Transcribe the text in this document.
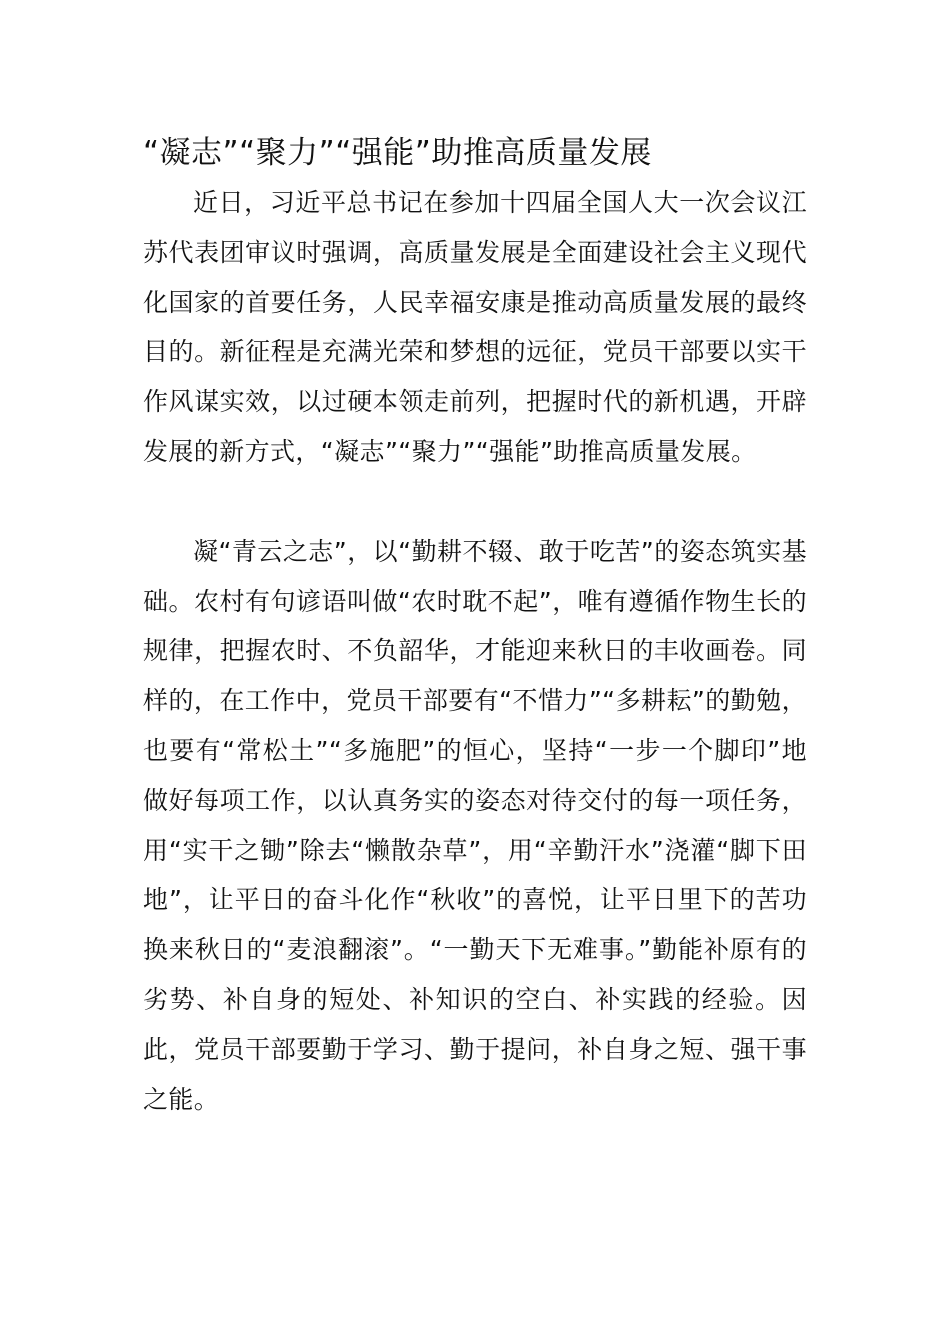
“凝志”“聚力”“强能”助推高质量发展

近日，习近平总书记在参加十四届全国人大一次会议江苏代表团审议时强调，高质量发展是全面建设社会主义现代化国家的首要任务，人民幸福安康是推动高质量发展的最终目的。新征程是充满光荣和梦想的远征，党员干部要以实干作风谋实效，以过硬本领走前列，把握时代的新机遇，开辟发展的新方式，“凝志”“聚力”“强能”助推高质量发展。

凝“青云之志”，以“勤耕不辍、敢于吃苦”的姿态筑实基础。农村有句谚语叫做“农时耽不起”，唯有遵循作物生长的规律，把握农时、不负韶华，才能迎来秋日的丰收画卷。同样的，在工作中，党员干部要有“不惜力”“多耕耘”的勤勉，也要有“常松土”“多施肥”的恒心，坚持“一步一个脚印”地做好每项工作，以认真务实的姿态对待交付的每一项任务，用“实干之锄”除去“懒散杂草”，用“辛勤汗水”浇灌“脚下田地”，让平日的奋斗化作“秋收”的喜悦，让平日里下的苦功换来秋日的“麦浪翻滚”。“一勤天下无难事。”勤能补原有的劣势、补自身的短处、补知识的空白、补实践的经验。因此，党员干部要勤于学习、勤于提问，补自身之短、强干事之能。
